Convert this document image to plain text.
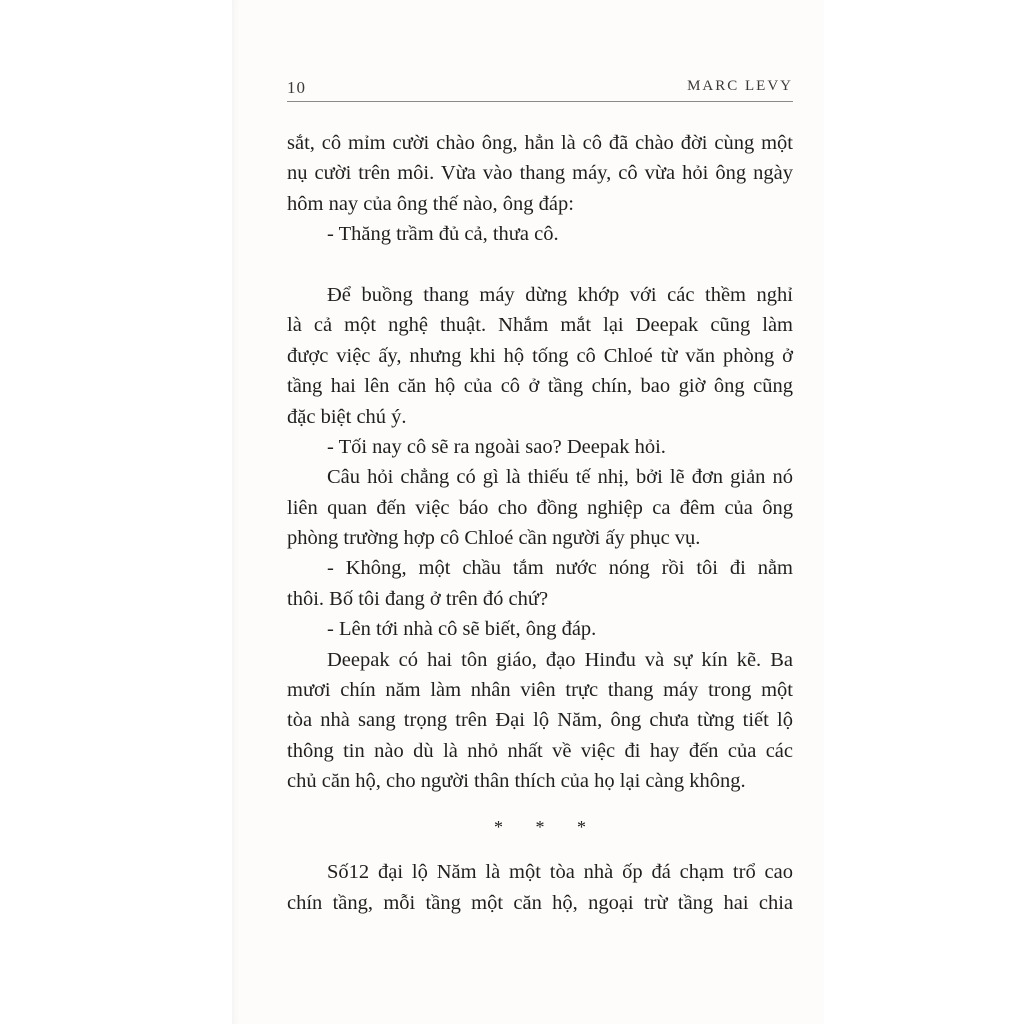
10	MARC LEVY
sắt, cô mỉm cười chào ông, hẳn là cô đã chào đời cùng một
nụ cười trên môi. Vừa vào thang máy, cô vừa hỏi ông ngày
hôm nay của ông thế nào, ông đáp:
- Thăng trầm đủ cả, thưa cô.
Để buồng thang máy dừng khớp với các thềm nghỉ
là cả một nghệ thuật. Nhắm mắt lại Deepak cũng làm
được việc ấy, nhưng khi hộ tống cô Chloé từ văn phòng ở
tầng hai lên căn hộ của cô ở tầng chín, bao giờ ông cũng
đặc biệt chú ý.
- Tối nay cô sẽ ra ngoài sao? Deepak hỏi.
Câu hỏi chẳng có gì là thiếu tế nhị, bởi lẽ đơn giản nó
liên quan đến việc báo cho đồng nghiệp ca đêm của ông
phòng trường hợp cô Chloé cần người ấy phục vụ.
- Không, một chầu tắm nước nóng rồi tôi đi nằm
thôi. Bố tôi đang ở trên đó chứ?
- Lên tới nhà cô sẽ biết, ông đáp.
Deepak có hai tôn giáo, đạo Hinđu và sự kín kẽ. Ba
mươi chín năm làm nhân viên trực thang máy trong một
tòa nhà sang trọng trên Đại lộ Năm, ông chưa từng tiết lộ
thông tin nào dù là nhỏ nhất về việc đi hay đến của các
chủ căn hộ, cho người thân thích của họ lại càng không.
* * *
Số12 đại lộ Năm là một tòa nhà ốp đá chạm trổ cao
chín tầng, mỗi tầng một căn hộ, ngoại trừ tầng hai chia
